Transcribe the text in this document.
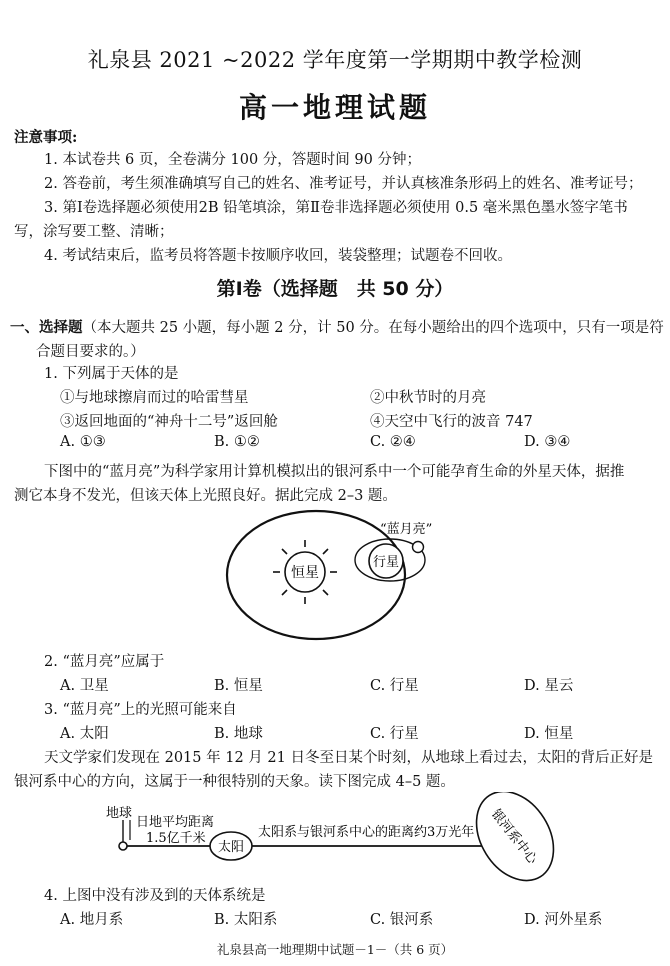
礼泉县 2021 ~2022 学年度第一学期期中教学检测
高一地理试题
注意事项:
1. 本试卷共 6 页，全卷满分 100 分，答题时间 90 分钟；
2. 答卷前，考生须准确填写自己的姓名、准考证号，并认真核准条形码上的姓名、准考证号；
3. 第Ⅰ卷选择题必须使用2B 铅笔填涂，第Ⅱ卷非选择题必须使用 0.5 毫米黑色墨水签字笔书
写，涂写要工整、清晰；
4. 考试结束后，监考员将答题卡按顺序收回，装袋整理；试题卷不回收。
第Ⅰ卷（选择题　共 50 分）
一、选择题（本大题共 25 小题，每小题 2 分，计 50 分。在每小题给出的四个选项中，只有一项是符
合题目要求的。）
1. 下列属于天体的是
①与地球擦肩而过的哈雷彗星	②中秋节时的月亮
③返回地面的“神舟十二号”返回舱	④天空中飞行的波音 747
A. ①③	B. ①②	C. ②④	D. ③④
下图中的“蓝月亮”为科学家用计算机模拟出的银河系中一个可能孕育生命的外星天体，据推
测它本身不发光，但该天体上光照良好。据此完成 2–3 题。
恒星
行星
“蓝月亮”
2. “蓝月亮”应属于
A. 卫星	B. 恒星	C. 行星	D. 星云
3. “蓝月亮”上的光照可能来自
A. 太阳	B. 地球	C. 行星	D. 恒星
天文学家们发现在 2015 年 12 月 21 日冬至日某个时刻，从地球上看过去，太阳的背后正好是
银河系中心的方向，这属于一种很特别的天象。读下图完成 4–5 题。
地球
日地平均距离
1.5亿千米
太阳
太阳系与银河系中心的距离约3万光年 银河系中心
4. 上图中没有涉及到的天体系统是
A. 地月系	B. 太阳系	C. 银河系	D. 河外星系
礼泉县高一地理期中试题－1－（共 6 页）
